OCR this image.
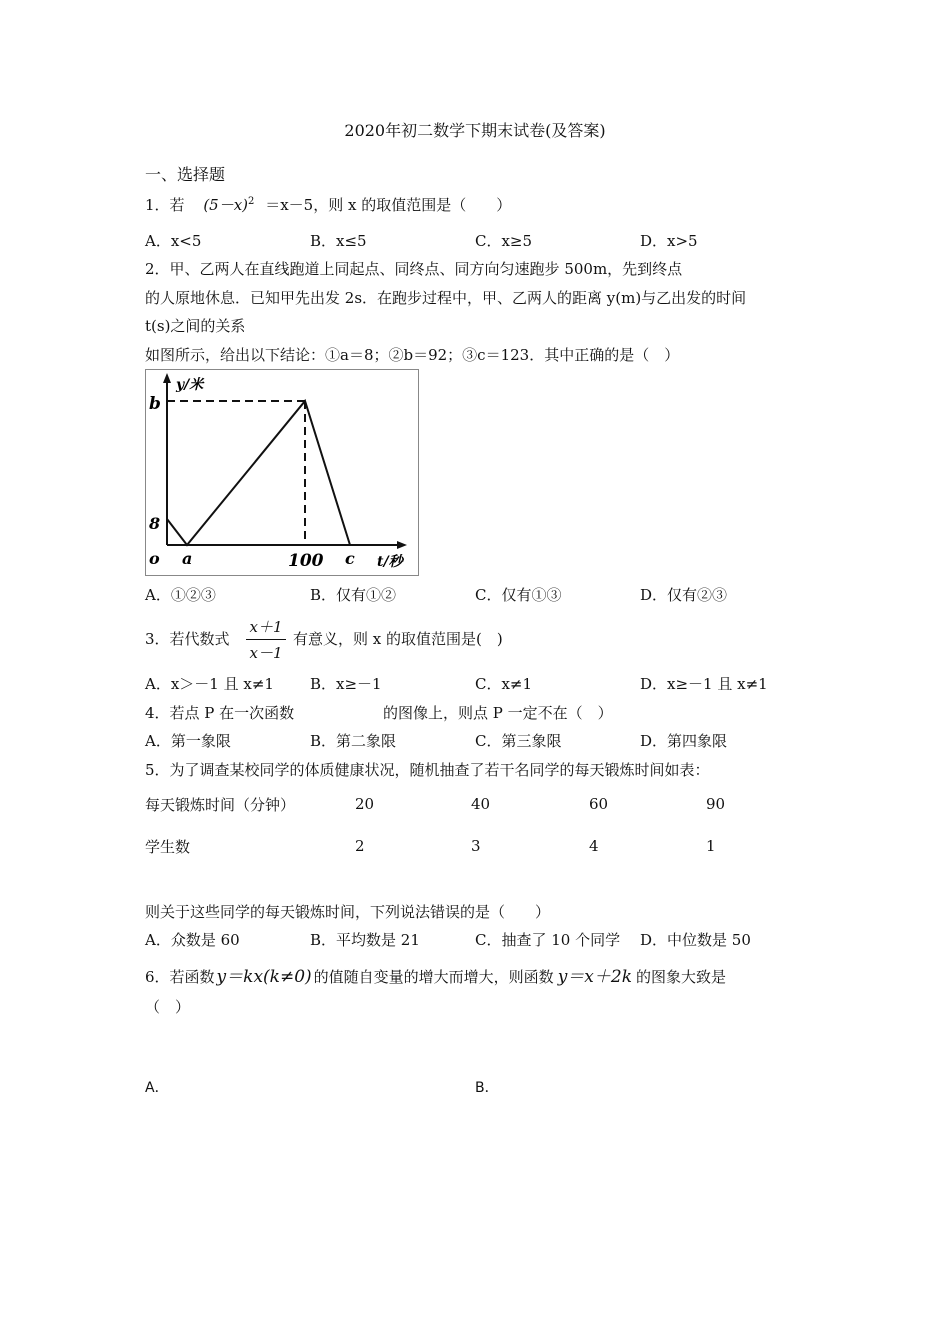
2020年初二数学下期末试卷(及答案)
一、选择题
1．若 $(5-x)^2 =x-5$，则 x 的取值范围是（　　）
A．x<5	B．x≤5	C．x≥5	D．x>5
2．甲、乙两人在直线跑道上同起点、同终点、同方向匀速跑步 500m，先到终点
的人原地休息．已知甲先出发 2s．在跑步过程中，甲、乙两人的距离 y(m)与乙出发的时间
t(s)之间的关系
如图所示，给出以下结论：①a＝8；②b＝92；③c＝123．其中正确的是（　）
y/米
b
8
o a	100 c t/秒
A．①②③	B．仅有①②	C．仅有①③	D．仅有②③
3．若代数式
x＋1
x－1
有意义，则 x 的取值范围是(　)
A．x＞－1 且 x≠1 B．x≥－1	C．x≠1	D．x≥－1 且 x≠1
4．若点 P 在一次函数	的图像上，则点 P 一定不在（　）
A．第一象限	B．第二象限	C．第三象限	D．第四象限
5．为了调查某校同学的体质健康状况，随机抽查了若干名同学的每天锻炼时间如表：
每天锻炼时间（分钟）	20	40	60	90
学生数	2	3	4	1
则关于这些同学的每天锻炼时间，下列说法错误的是（　　）
A．众数是 60	B．平均数是 21	C．抽查了 10 个同学 D．中位数是 50
6．若函数 y＝kx(k≠0) 的值随自变量的增大而增大，则函数 y＝x＋2k 的图象大致是
（　）
A．	B．
